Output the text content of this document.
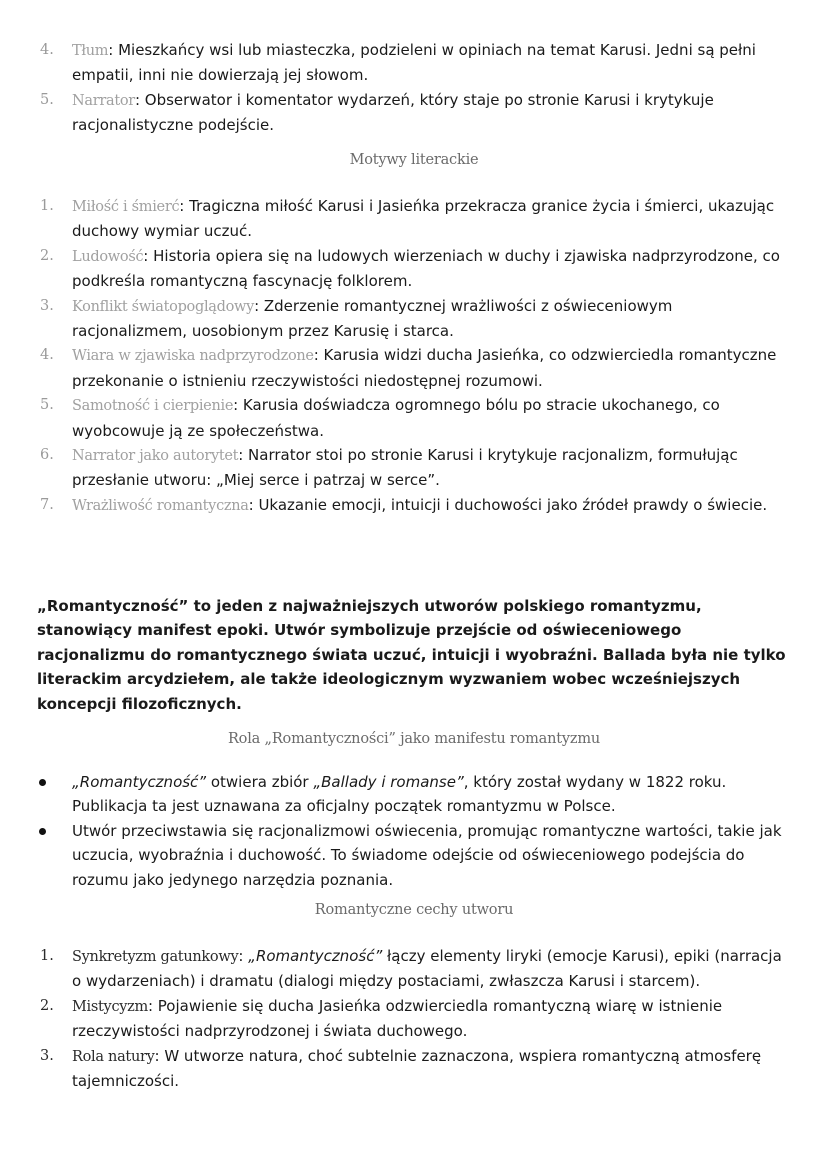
4. Tłum: Mieszkańcy wsi lub miasteczka, podzieleni w opiniach na temat Karusi. Jedni są pełni empatii, inni nie dowierzają jej słowom.
5. Narrator: Obserwator i komentator wydarzeń, który staje po stronie Karusi i krytykuje racjonalistyczne podejście.
Motywy literackie
1. Miłość i śmierć: Tragiczna miłość Karusi i Jasieńka przekracza granice życia i śmierci, ukazując duchowy wymiar uczuć.
2. Ludowość: Historia opiera się na ludowych wierzeniach w duchy i zjawiska nadprzyrodzone, co podkreśla romantyczną fascynację folklorem.
3. Konflikt światopoglądowy: Zderzenie romantycznej wrażliwości z oświeceniowym racjonalizmem, uosobionym przez Karusię i starca.
4. Wiara w zjawiska nadprzyrodzone: Karusia widzi ducha Jasieńka, co odzwierciedla romantyczne przekonanie o istnieniu rzeczywistości niedostępnej rozumowi.
5. Samotność i cierpienie: Karusia doświadcza ogromnego bólu po stracie ukochanego, co wyobcowuje ją ze społeczeństwa.
6. Narrator jako autorytet: Narrator stoi po stronie Karusi i krytykuje racjonalizm, formułując przesłanie utworu: „Miej serce i patrzaj w serce”.
7. Wrażliwość romantyczna: Ukazanie emocji, intuicji i duchowości jako źródeł prawdy o świecie.

„Romantyczność” to jeden z najważniejszych utworów polskiego romantyzmu, stanowiący manifest epoki. Utwór symbolizuje przejście od oświeceniowego racjonalizmu do romantycznego świata uczuć, intuicji i wyobraźni. Ballada była nie tylko literackim arcydziełem, ale także ideologicznym wyzwaniem wobec wcześniejszych koncepcji filozoficznych.

Rola „Romantyczności” jako manifestu romantyzmu
„Romantyczność” otwiera zbiór „Ballady i romanse”, który został wydany w 1822 roku. Publikacja ta jest uznawana za oficjalny początek romantyzmu w Polsce.
Utwór przeciwstawia się racjonalizmowi oświecenia, promując romantyczne wartości, takie jak uczucia, wyobraźnia i duchowość. To świadome odejście od oświeceniowego podejścia do rozumu jako jedynego narzędzia poznania.
Romantyczne cechy utworu
1. Synkretyzm gatunkowy: „Romantyczność” łączy elementy liryki (emocje Karusi), epiki (narracja o wydarzeniach) i dramatu (dialogi między postaciami, zwłaszcza Karusi i starcem).
2. Mistycyzm: Pojawienie się ducha Jasieńka odzwierciedla romantyczną wiarę w istnienie rzeczywistości nadprzyrodzonej i świata duchowego.
3. Rola natury: W utworze natura, choć subtelnie zaznaczona, wspiera romantyczną atmosferę tajemniczości.
